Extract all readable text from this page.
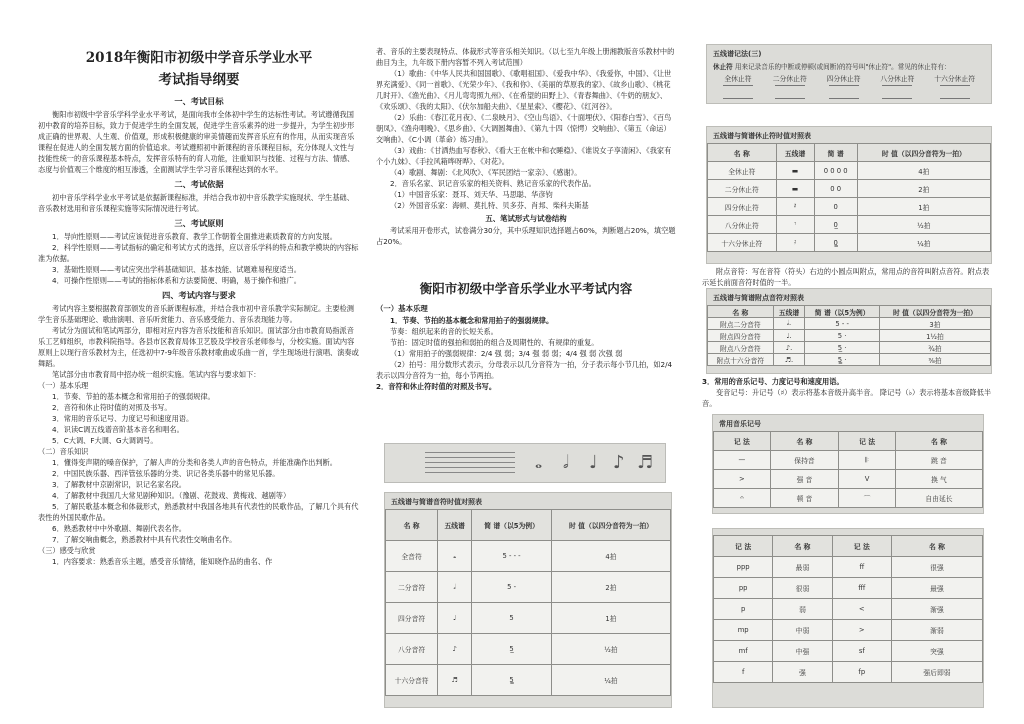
2018年衡阳市初级中学音乐学业水平
考试指导纲要
一、考试目标

衡阳市初级中学音乐学科学业水平考试，是面向我市全体初中学生的达标性考试。考试遵循我国初中教育的培养目标，致力于促进学生的全面发展，促进学生音乐素养的进一步提升，为学生初步形成正确的世界观、人生观、价值观，形成积极健康的审美情趣而发挥音乐应有的作用，从而实现音乐课程在促进人的全面发展方面的价值追求。考试遵照初中新课程的音乐课程目标，充分体现人文性与技能性统一的音乐课程基本特点，发挥音乐特有的育人功能，注重知识与技能、过程与方法、情感、态度与价值观三个维度的相互渗透，全面测试学生学习音乐课程达到的水平。

二、考试依据

初中音乐学科学业水平考试是依据新课程标准，并结合我市初中音乐教学实施现状、学生基础、音乐教材选用和音乐课程实施等实际情况进行考试。

三、考试原则

1．导向性原则——考试应该促进音乐教育、教学工作朝着全面推进素质教育的方向发展。

2．科学性原则——考试指标的确定和考试方式的选择，应以音乐学科的特点和教学模块的内容标准为依据。

3．基础性原则——考试应突出学科基础知识、基本技能、试题难易程度适当。

4．可操作性原则——考试的指标体系和方法要简便、明确，易于操作和推广。

四、考试内容与要求

考试内容主要根据教育部颁发的音乐新课程标准，并结合我市初中音乐教学实际制定。主要检测学生音乐基础理论、歌曲演唱、音乐听赏能力、音乐感受能力、音乐表现能力等。

考试分为面试和笔试两部分，即相对应内容为音乐技能和音乐知识。面试部分由市教育局指派音乐工艺师组织，市教科院指导。各县市区教育局体卫艺股及学校音乐老师参与，分校实施。面试内容原则上以现行音乐教材为主，任选初中7-9年级音乐教材歌曲或乐曲一首，学生现场进行演唱、演奏或舞蹈。

笔试部分由市教育局中招办统一组织实施。笔试内容与要求如下：

（一）基本乐理

1．节奏、节拍的基本概念和常用拍子的强弱规律。

2．音符和休止符时值的对照及书写。

3．常用的音乐记号、力度记号和速度用语。

4．识读C调五线谱音阶基本音名和唱名。

5．C大调、F大调、G大调调号。

（二）音乐知识

1．懂得变声期的嗓音保护，了解人声的分类和各类人声的音色特点，并能准确作出判断。

2．中国民族乐器、西洋管弦乐器的分类、识记各类乐器中的常见乐器。

3．了解教材中京剧常识，识记名家名段。

4．了解教材中我国几大常见剧种知识。（豫剧、花鼓戏、黄梅戏、越剧等）

5．了解民歌基本概念和体裁形式，熟悉教材中我国各地具有代表性的民歌作品，了解几个具有代表性的外国民歌作品。

6．熟悉教材中中外歌剧、舞剧代表名作。

7．了解交响曲概念，熟悉教材中具有代表性交响曲名作。

（三）感受与欣赏

1．内容要求：熟悉音乐主题，感受音乐情绪，能知晓作品的曲名、作

者、音乐的主要表现特点、体裁形式等音乐相关知识。（以七至九年级上册湘教版音乐教材中的曲目为主，九年级下册内容暂不列入考试范围）

（1）歌曲：《中华人民共和国国歌》、《歌唱祖国》、《爱我中华》、《我爱你，中国》、《让世界充满爱》、《同一首歌》、《光荣少年》、《我和你》、《美丽的草原我的家》、《故乡山歌》、《桃花几时开》、《渔光曲》、《月儿弯弯照九州》、《在希望的田野上》、《青春舞曲》、《牛奶的朋友》、《欢乐颂》、《我的太阳》、《伏尔加船夫曲》、《星星索》、《樱花》、《红河谷》。

（2）乐曲：《春江花月夜》、《二泉映月》、《空山鸟语》、《十面埋伏》、《阳春白雪》、《百鸟朝凤》、《渔舟唱晚》、《思乡曲》、《大调圆舞曲》、《第九十四（惊愕）交响曲》、《第五（命运）交响曲》、《C小调（革命）练习曲》。

（3）戏曲：《甘洒热血写春秋》、《看大王在帐中和衣睡稳》、《谁说女子享清闲》、《我家有个小九妹》、《手拉风箱哗呀哗》、《对花》。

（4）歌剧、舞剧：《北风吹》、《军民团结一家亲》、《感谢》。

2．音乐名家、识记音乐家的相关资料、熟记音乐家的代表作品。

（1）中国音乐家：聂耳、刘天华、马思聪、华彦钧

（2）外国音乐家：海顿、莫扎特、贝多芬、肖邦、柴科夫斯基

五、笔试形式与试卷结构

考试采用开卷形式，试卷满分30分，其中乐理知识选择题占60%，判断题占20%，填空题占20%。

衡阳市初级中学音乐学业水平考试内容
（一）基本乐理

1．节奏、节拍的基本概念和常用拍子的强弱规律。

节奏：组织起来的音的长短关系。

节拍：固定时值的强拍和弱拍的组合及周期性的、有规律的重复。

（1）常用拍子的强弱规律：2/4 强 弱；3/4 强 弱 弱；4/4 强 弱 次强 弱

（2）拍号：用分数形式表示，分母表示以几分音符为一拍，分子表示每小节几拍，如2/4表示以四分音符为一拍，每小节两拍。

2．音符和休止符时值的对照及书写。

𝅝 𝅗𝅥 ♩ ♪ ♬
五线谱与简谱音符时值对照表
名 称	五线谱	简 谱（以5为例）	时 值（以四分音符为一拍）
全音符	𝅝	5 - - -	4拍
二分音符	𝅗𝅥	5 -	2拍
四分音符	♩	5	1拍
八分音符	♪	5̲	½拍
十六分音符	♬	5̳	¼拍
五线谱记法(三)
休止符 用来记录音乐的中断或停顿(或间断)的符号叫"休止符"。常见的休止符有：
全休止符	二分休止符	四分休止符	八分休止符	十六分休止符
五线谱与简谱休止符时值对照表
名 称	五线谱	简 谱	时 值（以四分音符为一拍）
全休止符	▬	0 0 0 0	4拍
二分休止符	▬	0 0	2拍
四分休止符	𝄽	0	1拍
八分休止符	𝄾	0̲	½拍
十六分休止符	𝄿	0̳	¼拍

附点音符：写在音符（符头）右边的小圆点叫附点，常用点的音符叫附点音符。附点表示延长前面音符时值的一半。

五线谱与简谱附点音符对照表
名 称	五线谱	简 谱（以5为例）	时 值（以四分音符为一拍）
附点二分音符	𝅗𝅥.	5 - -	3拍
附点四分音符	♩.	5 ·	1½拍
附点八分音符	♪.	5̲ ·	¾拍
附点十六分音符	♬.	5̳ ·	⅜拍

3．常用的音乐记号、力度记号和速度用语。

变音记号：升记号（♯）表示将基本音级升高半音。 降记号（♭）表示将基本音级降低半音。

常用音乐记号
记 法	名 称	记 法	名 称
—	保持音	𝄆	跳 音
>	强 音	V	换 气
𝄐	顿 音	⌒	自由延长
记 法	名 称	记 法	名 称
ppp	最弱	ff	很强
pp	很弱	fff	最强
p	弱	<	渐强
mp	中弱	>	渐弱
mf	中强	sf	突强
f	强	fp	强后即弱
